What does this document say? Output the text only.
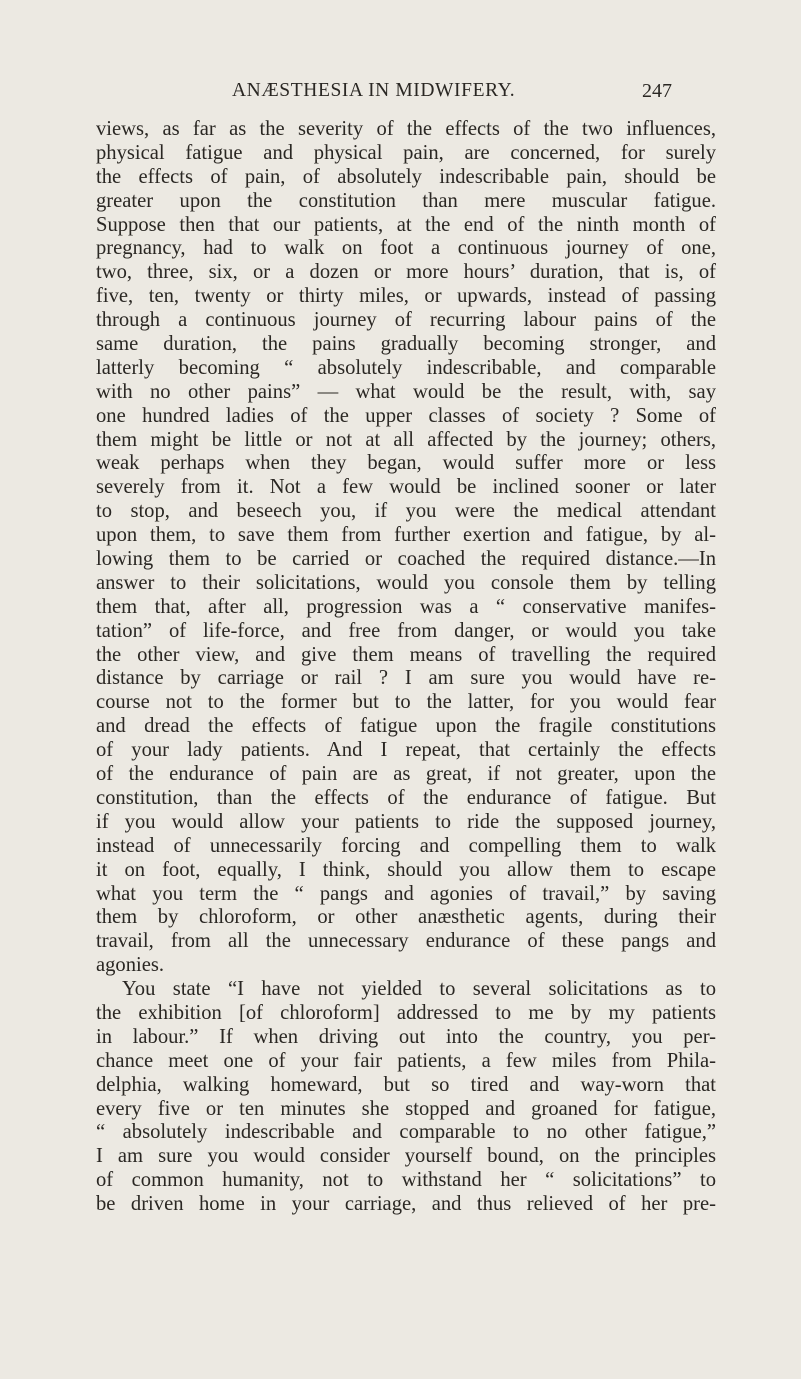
ANÆSTHESIA IN MIDWIFERY.	247
views, as far as the severity of the effects of the two influences,
physical fatigue and physical pain, are concerned, for surely
the effects of pain, of absolutely indescribable pain, should be
greater upon the constitution than mere muscular fatigue.
Suppose then that our patients, at the end of the ninth month of
pregnancy, had to walk on foot a continuous journey of one,
two, three, six, or a dozen or more hours’ duration, that is, of
five, ten, twenty or thirty miles, or upwards, instead of passing
through a continuous journey of recurring labour pains of the
same duration, the pains gradually becoming stronger, and
latterly becoming “ absolutely indescribable, and comparable
with no other pains” — what would be the result, with, say
one hundred ladies of the upper classes of society ? Some of
them might be little or not at all affected by the journey; others,
weak perhaps when they began, would suffer more or less
severely from it. Not a few would be inclined sooner or later
to stop, and beseech you, if you were the medical attendant
upon them, to save them from further exertion and fatigue, by al-
lowing them to be carried or coached the required distance.—In
answer to their solicitations, would you console them by telling
them that, after all, progression was a “ conservative manifes-
tation” of life-force, and free from danger, or would you take
the other view, and give them means of travelling the required
distance by carriage or rail ? I am sure you would have re-
course not to the former but to the latter, for you would fear
and dread the effects of fatigue upon the fragile constitutions
of your lady patients. And I repeat, that certainly the effects
of the endurance of pain are as great, if not greater, upon the
constitution, than the effects of the endurance of fatigue. But
if you would allow your patients to ride the supposed journey,
instead of unnecessarily forcing and compelling them to walk
it on foot, equally, I think, should you allow them to escape
what you term the “ pangs and agonies of travail,” by saving
them by chloroform, or other anæsthetic agents, during their
travail, from all the unnecessary endurance of these pangs and
agonies.
You state “I have not yielded to several solicitations as to
the exhibition [of chloroform] addressed to me by my patients
in labour.” If when driving out into the country, you per-
chance meet one of your fair patients, a few miles from Phila-
delphia, walking homeward, but so tired and way-worn that
every five or ten minutes she stopped and groaned for fatigue,
“ absolutely indescribable and comparable to no other fatigue,”
I am sure you would consider yourself bound, on the principles
of common humanity, not to withstand her “ solicitations” to
be driven home in your carriage, and thus relieved of her pre-
